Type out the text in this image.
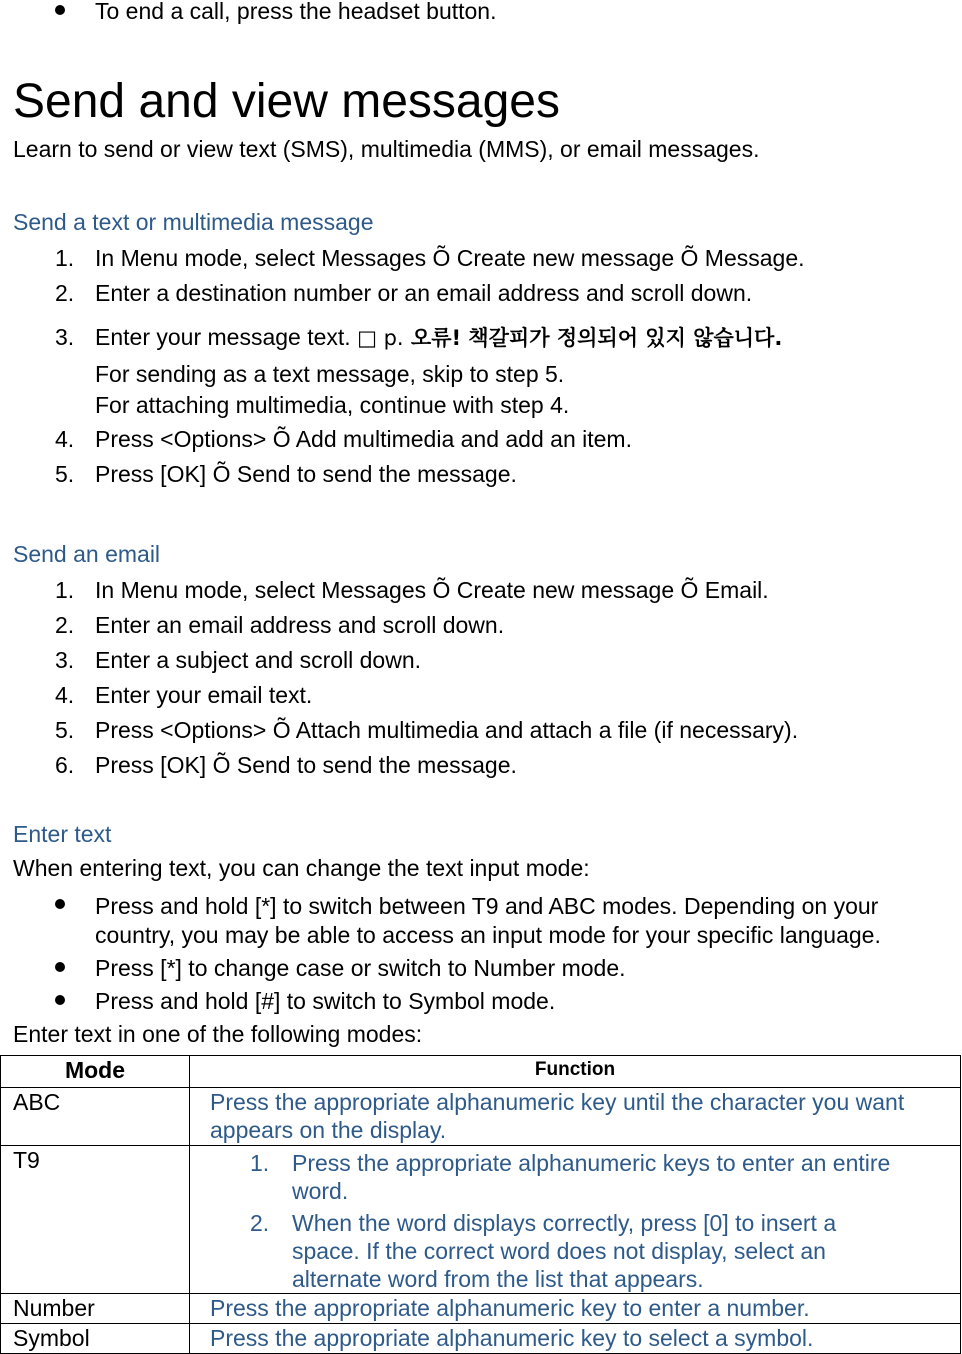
To end a call, press the headset button.
Send and view messages
Learn to send or view text (SMS), multimedia (MMS), or email messages.
Send a text or multimedia message
1. In Menu mode, select Messages Õ Create new message Õ Message.
2. Enter a destination number or an email address and scroll down.
3. Enter your message text. □ p. 오류! 책갈피가 정의되어 있지 않습니다.
For sending as a text message, skip to step 5.
For attaching multimedia, continue with step 4.
4. Press <Options> Õ Add multimedia and add an item.
5. Press [OK] Õ Send to send the message.
Send an email
1. In Menu mode, select Messages Õ Create new message Õ Email.
2. Enter an email address and scroll down.
3. Enter a subject and scroll down.
4. Enter your email text.
5. Press <Options> Õ Attach multimedia and attach a file (if necessary).
6. Press [OK] Õ Send to send the message.
Enter text
When entering text, you can change the text input mode:
Press and hold [*] to switch between T9 and ABC modes. Depending on your
country, you may be able to access an input mode for your specific language.
Press [*] to change case or switch to Number mode.
Press and hold [#] to switch to Symbol mode.
Enter text in one of the following modes:
Mode	Function
ABC	Press the appropriate alphanumeric key until the character you want appears on the display.
T9	1. Press the appropriate alphanumeric keys to enter an entire word.
2. When the word displays correctly, press [0] to insert a space. If the correct word does not display, select an alternate word from the list that appears.

Number	Press the appropriate alphanumeric key to enter a number.
Symbol	Press the appropriate alphanumeric key to select a symbol.
